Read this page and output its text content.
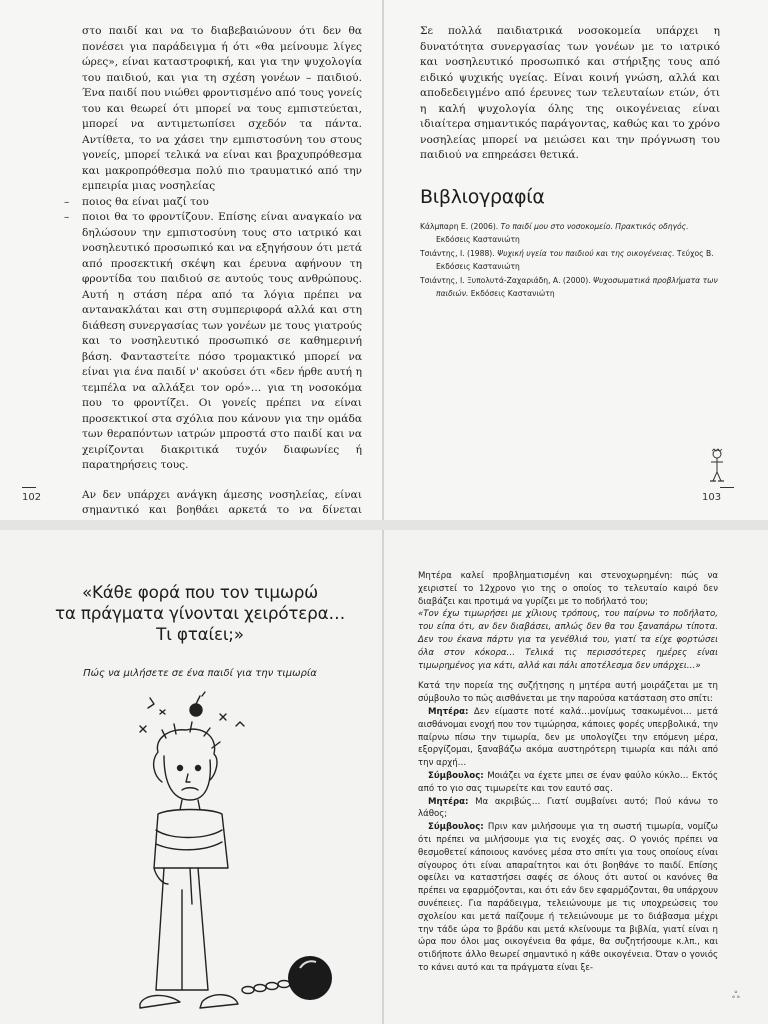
στο παιδί και να το διαβεβαιώνουν ότι δεν θα πονέσει για παράδειγμα ή ότι «θα μείνουμε λίγες ώρες», είναι καταστροφική, και για την ψυχολογία του παιδιού, και για τη σχέση γονέων – παιδιού. Ένα παιδί που νιώθει φροντισμένο από τους γονείς του και θεωρεί ότι μπορεί να τους εμπιστεύεται, μπορεί να αντιμετωπίσει σχεδόν τα πάντα. Αντίθετα, το να χάσει την εμπιστοσύνη του στους γονείς, μπορεί τελικά να είναι και βραχυπρόθεσμα και μακροπρόθεσμα πολύ πιο τραυματικό από την εμπειρία μιας νοσηλείας

– ποιος θα είναι μαζί του
– ποιοι θα το φροντίζουν. Επίσης είναι αναγκαίο να δηλώσουν την εμπιστοσύνη τους στο ιατρικό και νοσηλευτικό προσωπικό και να εξηγήσουν ότι μετά από προσεκτική σκέψη και έρευνα αφήνουν τη φροντίδα του παιδιού σε αυτούς τους ανθρώπους. Αυτή η στάση πέρα από τα λόγια πρέπει να αντανακλάται και στη συμπεριφορά αλλά και στη διάθεση συνεργασίας των γονέων με τους γιατρούς και το νοσηλευτικό προσωπικό σε καθημερινή βάση. Φανταστείτε πόσο τρομακτικό μπορεί να είναι για ένα παιδί ν' ακούσει ότι «δεν ήρθε αυτή η τεμπέλα να αλλάξει τον ορό»… για τη νοσοκόμα που το φροντίζει. Οι γονείς πρέπει να είναι προσεκτικοί στα σχόλια που κάνουν για την ομάδα των θεραπόντων ιατρών μπροστά στο παιδί και να χειρίζονται διακριτικά τυχόν διαφωνίες ή παρατηρήσεις τους.

Αν δεν υπάρχει ανάγκη άμεσης νοσηλείας, είναι σημαντικό και βοηθάει αρκετά το να δίνεται

102

Σε πολλά παιδιατρικά νοσοκομεία υπάρχει η δυνατότητα συνεργασίας των γονέων με το ιατρικό και νοσηλευτικό προσωπικό και στήριξης τους από ειδικό ψυχικής υγείας. Είναι κοινή γνώση, αλλά και αποδεδειγμένο από έρευνες των τελευταίων ετών, ότι η καλή ψυχολογία όλης της οικογένειας είναι ιδιαίτερα σημαντικός παράγοντας, καθώς και το χρόνο νοσηλείας μπορεί να μειώσει και την πρόγνωση του παιδιού να επηρεάσει θετικά.

Βιβλιογραφία
Κάλμπαρη Ε. (2006). Το παιδί μου στο νοσοκομείο. Πρακτικός οδηγός. Εκδόσεις Καστανιώτη
Τσιάντης, Ι. (1988). Ψυχική υγεία του παιδιού και της οικογένειας. Τεύχος Β. Εκδόσεις Καστανιώτη
Τσιάντης, Ι. Ξυπολυτά-Ζαχαριάδη, Α. (2000). Ψυχοσωματικά προβλήματα των παιδιών. Εκδόσεις Καστανιώτη
103
«Κάθε φορά που τον τιμωρώ
τα πράγματα γίνονται χειρότερα…
Τι φταίει;»
Πώς να μιλήσετε σε ένα παιδί για την τιμωρία

Μητέρα καλεί προβληματισμένη και στενοχωρημένη: πώς να χειριστεί το 12χρονο γιο της ο οποίος το τελευταίο καιρό δεν διαβάζει και προτιμά να γυρίζει με το ποδήλατό του;

«Τον έχω τιμωρήσει με χίλιους τρόπους, του παίρνω το ποδήλατο, του είπα ότι, αν δεν διαβάσει, απλώς δεν θα του ξαναπάρω τίποτα. Δεν του έκανα πάρτυ για τα γενέθλιά του, γιατί τα είχε φορτώσει όλα στον κόκορα… Τελικά τις περισσότερες ημέρες είναι τιμωρημένος για κάτι, αλλά και πάλι αποτέλεσμα δεν υπάρχει…»

Κατά την πορεία της συζήτησης η μητέρα αυτή μοιράζεται με τη σύμβουλο το πώς αισθάνεται με την παρούσα κατάσταση στο σπίτι:

Μητέρα: Δεν είμαστε ποτέ καλά…μονίμως τσακωμένοι… μετά αισθάνομαι ενοχή που τον τιμώρησα, κάποιες φορές υπερβολικά, την παίρνω πίσω την τιμωρία, δεν με υπολογίζει την επόμενη μέρα, εξοργίζομαι, ξαναβάζω ακόμα αυστηρότερη τιμωρία και πάλι από την αρχή…

Σύμβουλος: Μοιάζει να έχετε μπει σε έναν φαύλο κύκλο… Εκτός από το γιο σας τιμωρείτε και τον εαυτό σας.

Μητέρα: Μα ακριβώς… Γιατί συμβαίνει αυτό; Πού κάνω το λάθος;

Σύμβουλος: Πριν καν μιλήσουμε για τη σωστή τιμωρία, νομίζω ότι πρέπει να μιλήσουμε για τις ενοχές σας. Ο γονιός πρέπει να θεσμοθετεί κάποιους κανόνες μέσα στο σπίτι για τους οποίους είναι σίγουρος ότι είναι απαραίτητοι και ότι βοηθάνε το παιδί. Επίσης οφείλει να καταστήσει σαφές σε όλους ότι αυτοί οι κανόνες θα πρέπει να εφαρμόζονται, και ότι εάν δεν εφαρμόζονται, θα υπάρχουν συνέπειες. Για παράδειγμα, τελειώνουμε με τις υποχρεώσεις του σχολείου και μετά παίζουμε ή τελειώνουμε με το διάβασμα μέχρι την τάδε ώρα το βράδυ και μετά κλείνουμε τα βιβλία, γιατί είναι η ώρα που όλοι μας οικογένεια θα φάμε, θα συζητήσουμε κ.λπ., και οτιδήποτε άλλο θεωρεί σημαντικό η κάθε οικογένεια. Όταν ο γονιός το κάνει αυτό και τα πράγματα είναι ξε-

ஃ
